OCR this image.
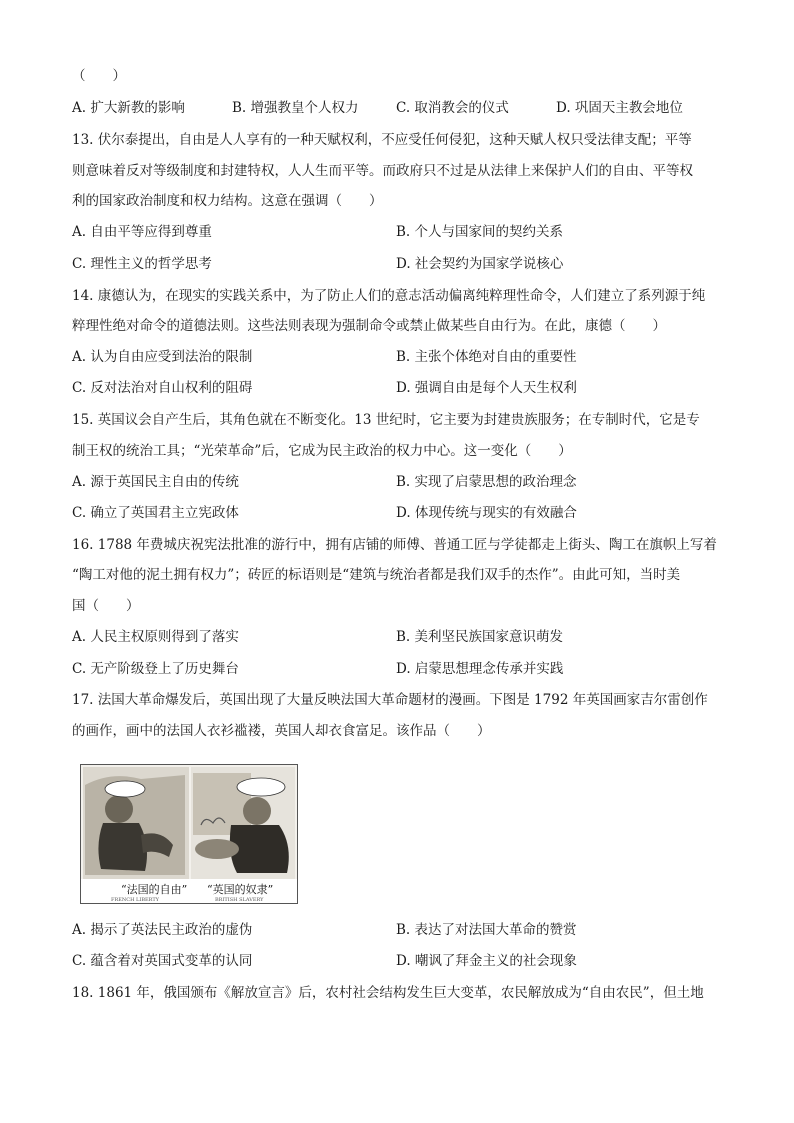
（　　）
A. 扩大新教的影响	B. 增强教皇个人权力	C. 取消教会的仪式	D. 巩固天主教会地位
13. 伏尔泰提出，自由是人人享有的一种天赋权利，不应受任何侵犯，这种天赋人权只受法律支配；平等
则意味着反对等级制度和封建特权，人人生而平等。而政府只不过是从法律上来保护人们的自由、平等权
利的国家政治制度和权力结构。这意在强调（　　）
A. 自由平等应得到尊重	B. 个人与国家间的契约关系
C. 理性主义的哲学思考	D. 社会契约为国家学说核心
14. 康德认为，在现实的实践关系中，为了防止人们的意志活动偏离纯粹理性命令，人们建立了系列源于纯
粹理性绝对命令的道德法则。这些法则表现为强制命令或禁止做某些自由行为。在此，康德（　　）
A. 认为自由应受到法治的限制	B. 主张个体绝对自由的重要性
C. 反对法治对自山权利的阻碍	D. 强调自由是每个人天生权利
15. 英国议会自产生后，其角色就在不断变化。13 世纪时，它主要为封建贵族服务；在专制时代，它是专
制王权的统治工具；“光荣革命”后，它成为民主政治的权力中心。这一变化（　　）
A. 源于英国民主自由的传统	B. 实现了启蒙思想的政治理念
C. 确立了英国君主立宪政体	D. 体现传统与现实的有效融合
16. 1788 年费城庆祝宪法批准的游行中，拥有店铺的师傅、普通工匠与学徒都走上街头、陶工在旗帜上写着
“陶工对他的泥土拥有权力”；砖匠的标语则是“建筑与统治者都是我们双手的杰作”。由此可知，当时美
国（　　）
A. 人民主权原则得到了落实	B. 美利坚民族国家意识萌发
C. 无产阶级登上了历史舞台	D. 启蒙思想理念传承并实践
17. 法国大革命爆发后，英国出现了大量反映法国大革命题材的漫画。下图是 1792 年英国画家吉尔雷创作
的画作，画中的法国人衣衫褴褛，英国人却衣食富足。该作品（　　）
“法国的自由” “英国的奴隶”
FRENCH LIBERTY	BRITISH SLAVERY
A. 揭示了英法民主政治的虚伪	B. 表达了对法国大革命的赞赏
C. 蕴含着对英国式变革的认同	D. 嘲讽了拜金主义的社会现象
18. 1861 年，俄国颁布《解放宣言》后，农村社会结构发生巨大变革，农民解放成为“自由农民”，但土地
